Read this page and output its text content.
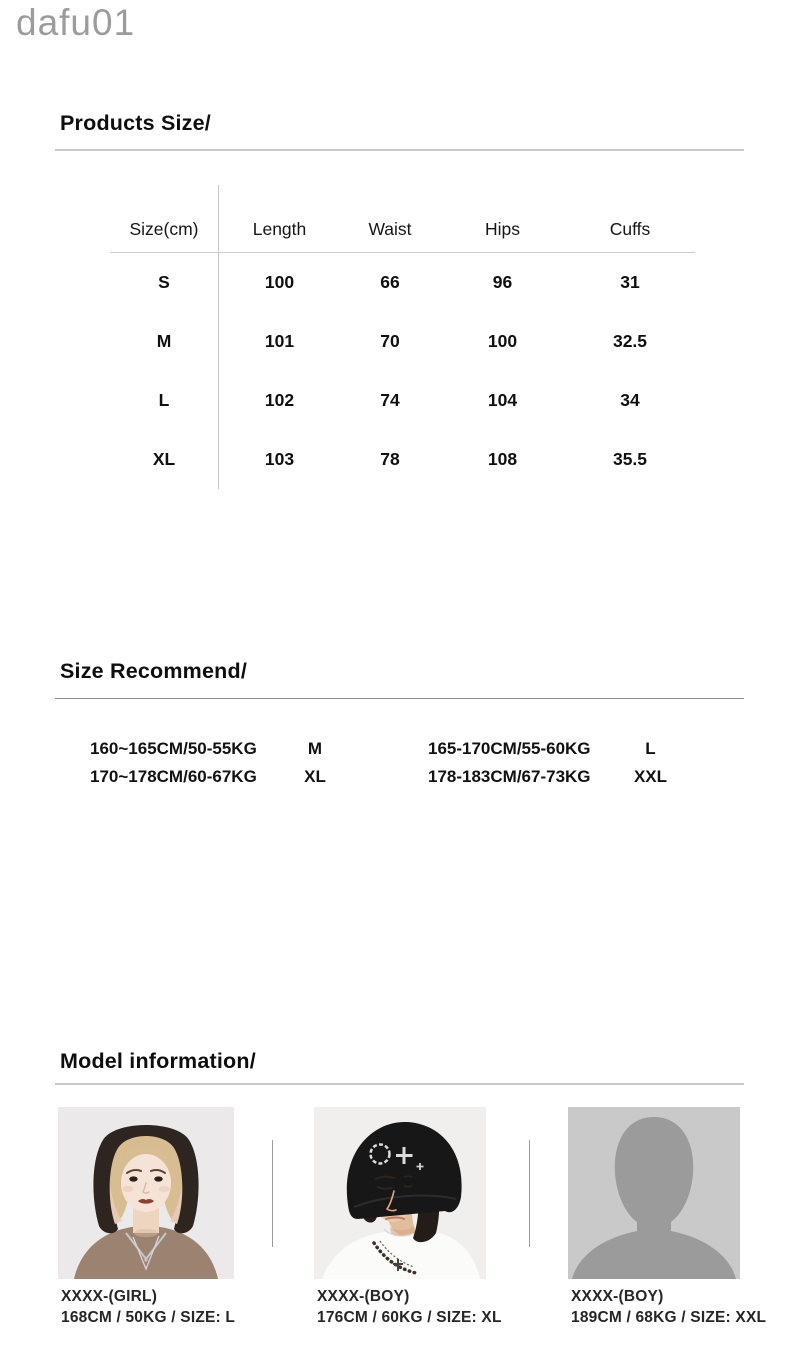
dafu01
Products Size/
Size(cm)	Length	Waist	Hips	Cuffs
S	100	66	96	31
M	101	70	100	32.5
L	102	74	104	34
XL	103	78	108	35.5
Size Recommend/
160~165CM/50-55KG	M	165-170CM/55-60KG	L
170~178CM/60-67KG	XL	178-183CM/67-73KG	XXL
Model information/
XXXX-(GIRL)
168CM / 50KG / SIZE: L
XXXX-(BOY)
176CM / 60KG / SIZE: XL
XXXX-(BOY)
189CM / 68KG / SIZE: XXL
